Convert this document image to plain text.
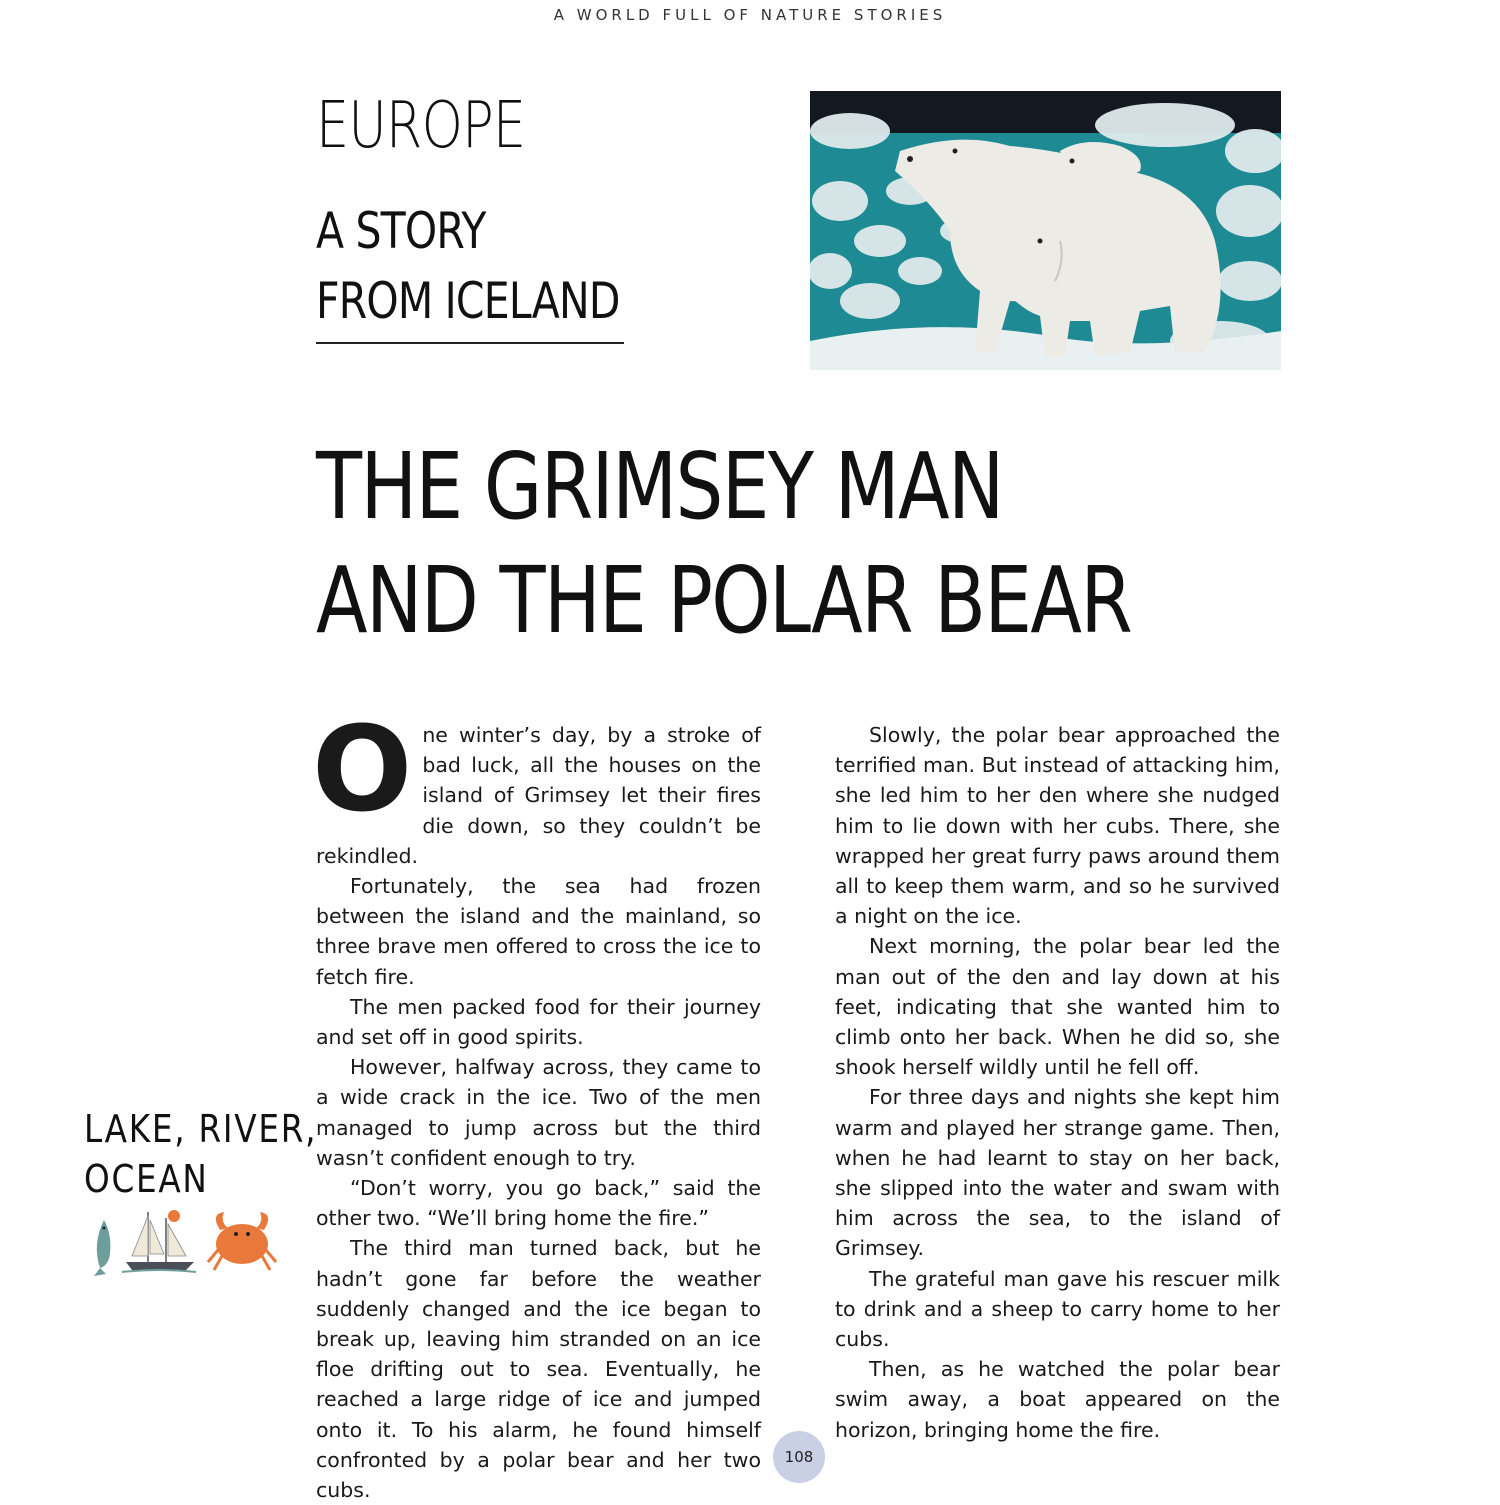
A WORLD FULL OF NATURE STORIES
EUROPE
A STORY
FROM ICELAND
THE GRIMSEY MAN
AND THE POLAR BEAR

One winter’s day, by a stroke of bad luck, all the houses on the island of Grimsey let their fires die down, so they couldn’t be rekindled.

Fortunately, the sea had frozen between the island and the mainland, so three brave men offered to cross the ice to fetch fire.

The men packed food for their journey and set off in good spirits.

However, halfway across, they came to a wide crack in the ice. Two of the men managed to jump across but the third wasn’t confident enough to try.

“Don’t worry, you go back,” said the other two. “We’ll bring home the fire.”

The third man turned back, but he hadn’t gone far before the weather suddenly changed and the ice began to break up, leaving him stranded on an ice floe drifting out to sea. Eventually, he reached a large ridge of ice and jumped onto it. To his alarm, he found himself confronted by a polar bear and her two cubs.

Slowly, the polar bear approached the terrified man. But instead of attacking him, she led him to her den where she nudged him to lie down with her cubs. There, she wrapped her great furry paws around them all to keep them warm, and so he survived a night on the ice.

Next morning, the polar bear led the man out of the den and lay down at his feet, indicating that she wanted him to climb onto her back. When he did so, she shook herself wildly until he fell off.

For three days and nights she kept him warm and played her strange game. Then, when he had learnt to stay on her back, she slipped into the water and swam with him across the sea, to the island of Grimsey.

The grateful man gave his rescuer milk to drink and a sheep to carry home to her cubs.

Then, as he watched the polar bear swim away, a boat appeared on the horizon, bringing home the fire.

LAKE, RIVER,
OCEAN
108
